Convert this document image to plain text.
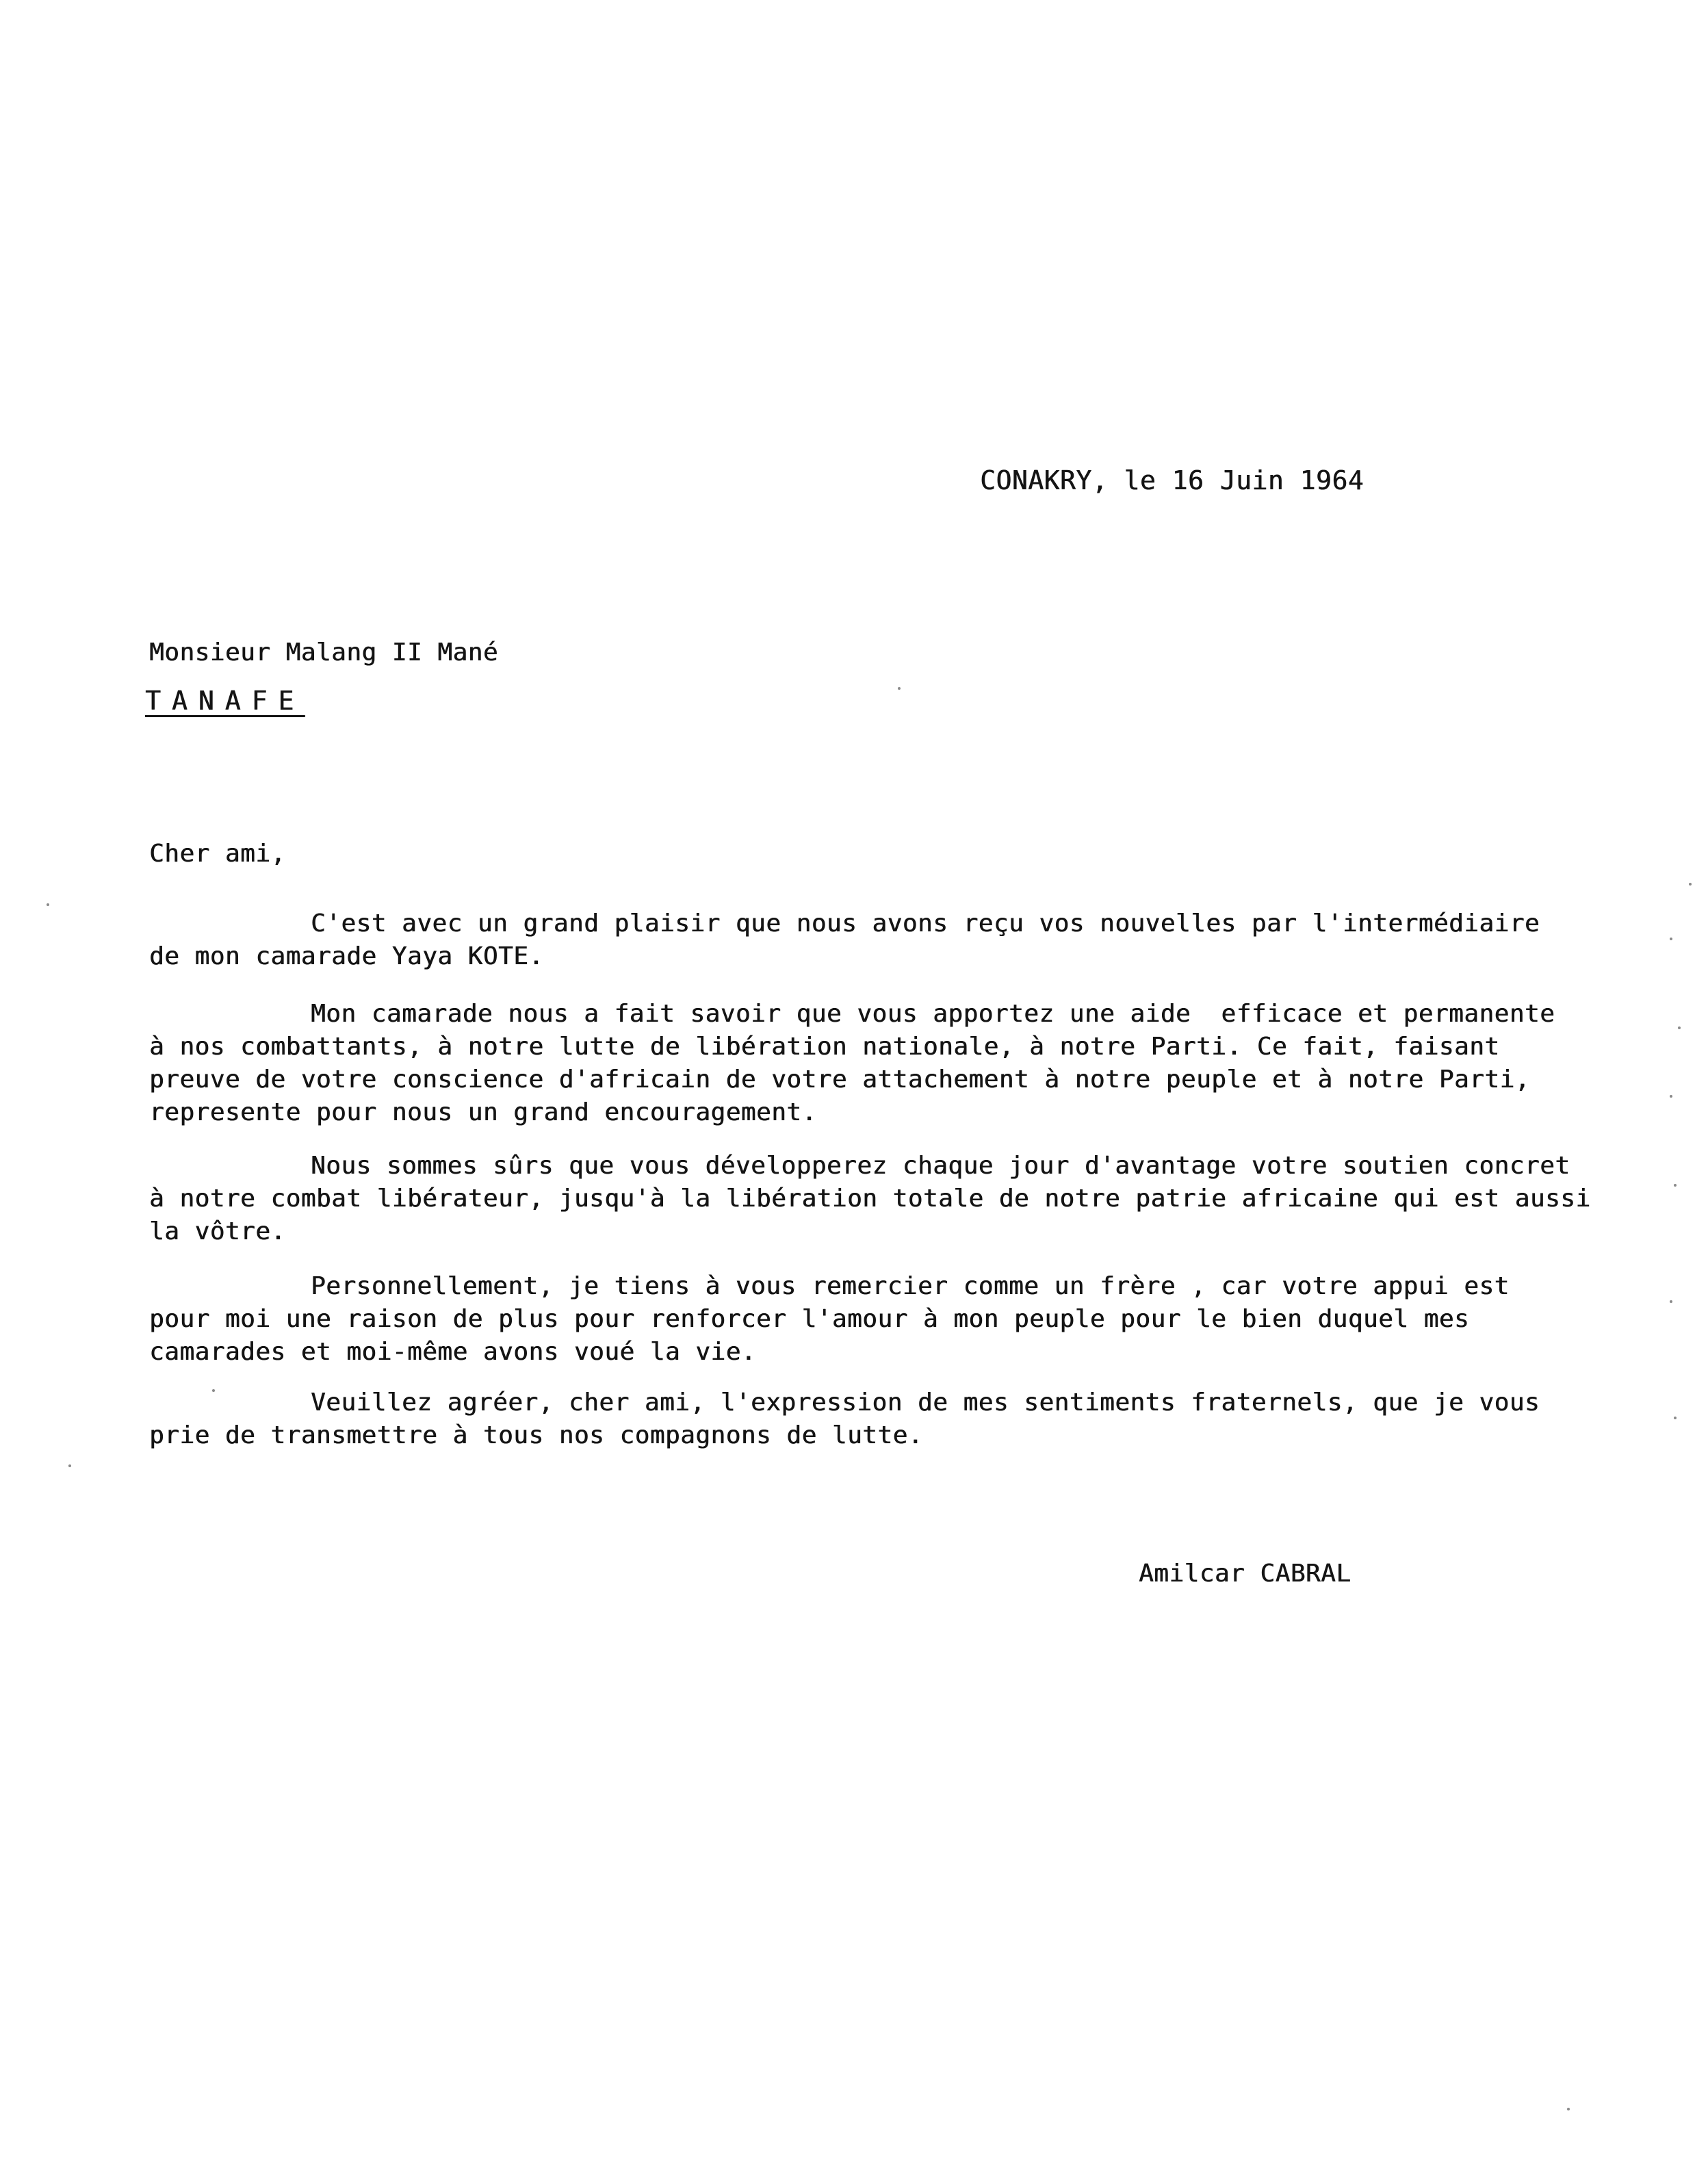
CONAKRY, le 16 Juin 1964
Monsieur Malang II Mané
TANAFE
Cher ami,
C'est avec un grand plaisir que nous avons reçu vos nouvelles par l'intermédiaire
de mon camarade Yaya KOTE.
Mon camarade nous a fait savoir que vous apportez une aide  efficace et permanente
à nos combattants, à notre lutte de libération nationale, à notre Parti. Ce fait, faisant
preuve de votre conscience d'africain de votre attachement à notre peuple et à notre Parti,
represente pour nous un grand encouragement.
Nous sommes sûrs que vous développerez chaque jour d'avantage votre soutien concret
à notre combat libérateur, jusqu'à la libération totale de notre patrie africaine qui est aussi
la vôtre.
Personnellement, je tiens à vous remercier comme un frère , car votre appui est
pour moi une raison de plus pour renforcer l'amour à mon peuple pour le bien duquel mes
camarades et moi-même avons voué la vie.
Veuillez agréer, cher ami, l'expression de mes sentiments fraternels, que je vous
prie de transmettre à tous nos compagnons de lutte.
Amilcar CABRAL
